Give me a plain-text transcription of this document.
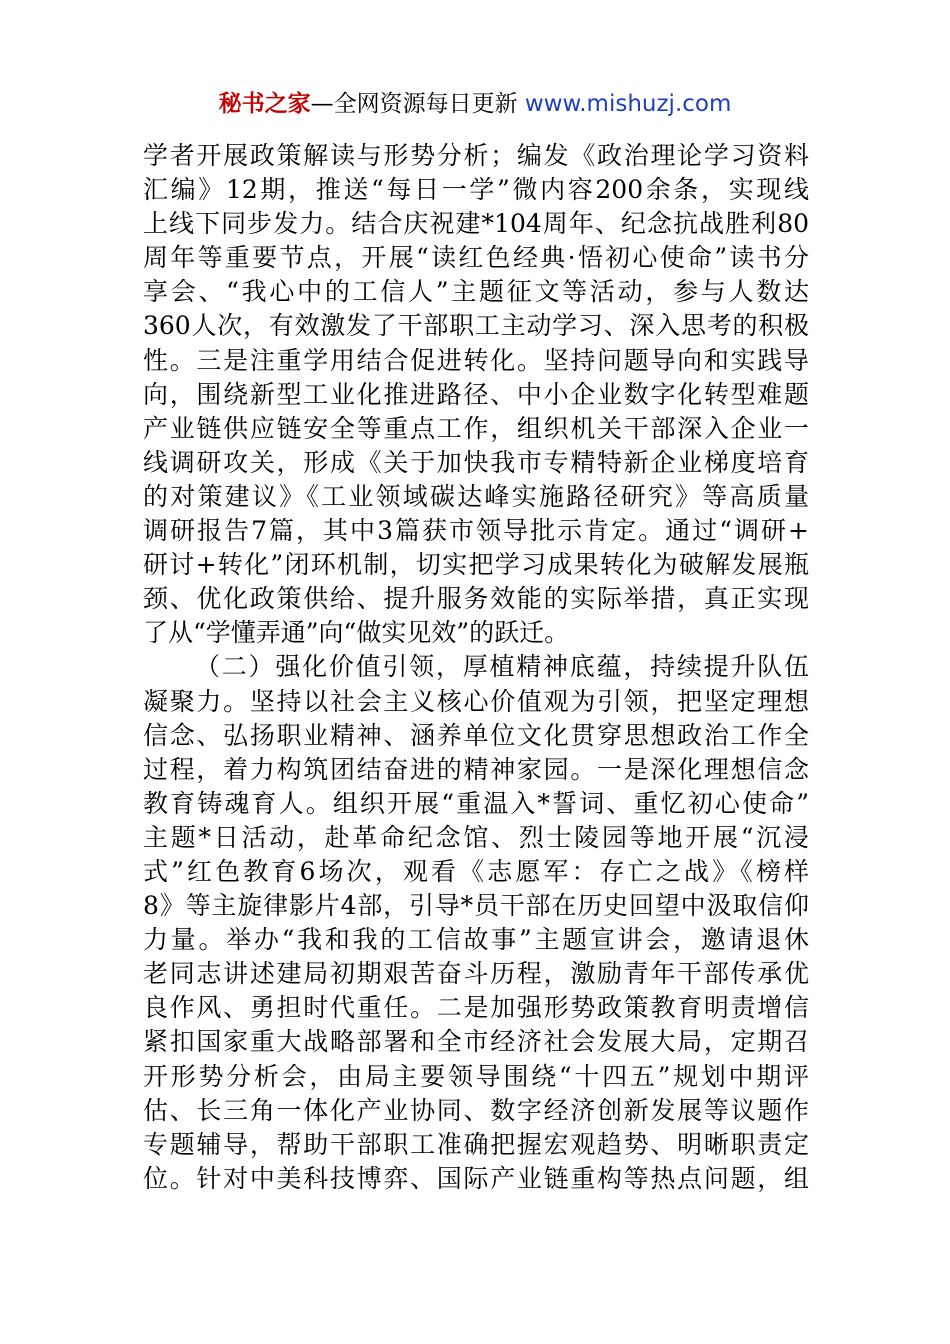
秘书之家—全网资源每日更新 www.mishuzj.com
学者开展政策解读与形势分析；编发《政治理论学习资料
汇编》12期，推送“每日一学”微内容200余条，实现线
上线下同步发力。结合庆祝建*104周年、纪念抗战胜利80
周年等重要节点，开展“读红色经典·悟初心使命”读书分
享会、“我心中的工信人”主题征文等活动，参与人数达
360人次，有效激发了干部职工主动学习、深入思考的积极
性。三是注重学用结合促进转化。坚持问题导向和实践导
向，围绕新型工业化推进路径、中小企业数字化转型难题
产业链供应链安全等重点工作，组织机关干部深入企业一
线调研攻关，形成《关于加快我市专精特新企业梯度培育
的对策建议》《工业领域碳达峰实施路径研究》等高质量
调研报告7篇，其中3篇获市领导批示肯定。通过“调研+
研讨+转化”闭环机制，切实把学习成果转化为破解发展瓶
颈、优化政策供给、提升服务效能的实际举措，真正实现
了从“学懂弄通”向“做实见效”的跃迁。
（二）强化价值引领，厚植精神底蕴，持续提升队伍
凝聚力。坚持以社会主义核心价值观为引领，把坚定理想
信念、弘扬职业精神、涵养单位文化贯穿思想政治工作全
过程，着力构筑团结奋进的精神家园。一是深化理想信念
教育铸魂育人。组织开展“重温入*誓词、重忆初心使命”
主题*日活动，赴革命纪念馆、烈士陵园等地开展“沉浸
式”红色教育6场次，观看《志愿军：存亡之战》《榜样
8》等主旋律影片4部，引导*员干部在历史回望中汲取信仰
力量。举办“我和我的工信故事”主题宣讲会，邀请退休
老同志讲述建局初期艰苦奋斗历程，激励青年干部传承优
良作风、勇担时代重任。二是加强形势政策教育明责增信
紧扣国家重大战略部署和全市经济社会发展大局，定期召
开形势分析会，由局主要领导围绕“十四五”规划中期评
估、长三角一体化产业协同、数字经济创新发展等议题作
专题辅导，帮助干部职工准确把握宏观趋势、明晰职责定
位。针对中美科技博弈、国际产业链重构等热点问题，组
